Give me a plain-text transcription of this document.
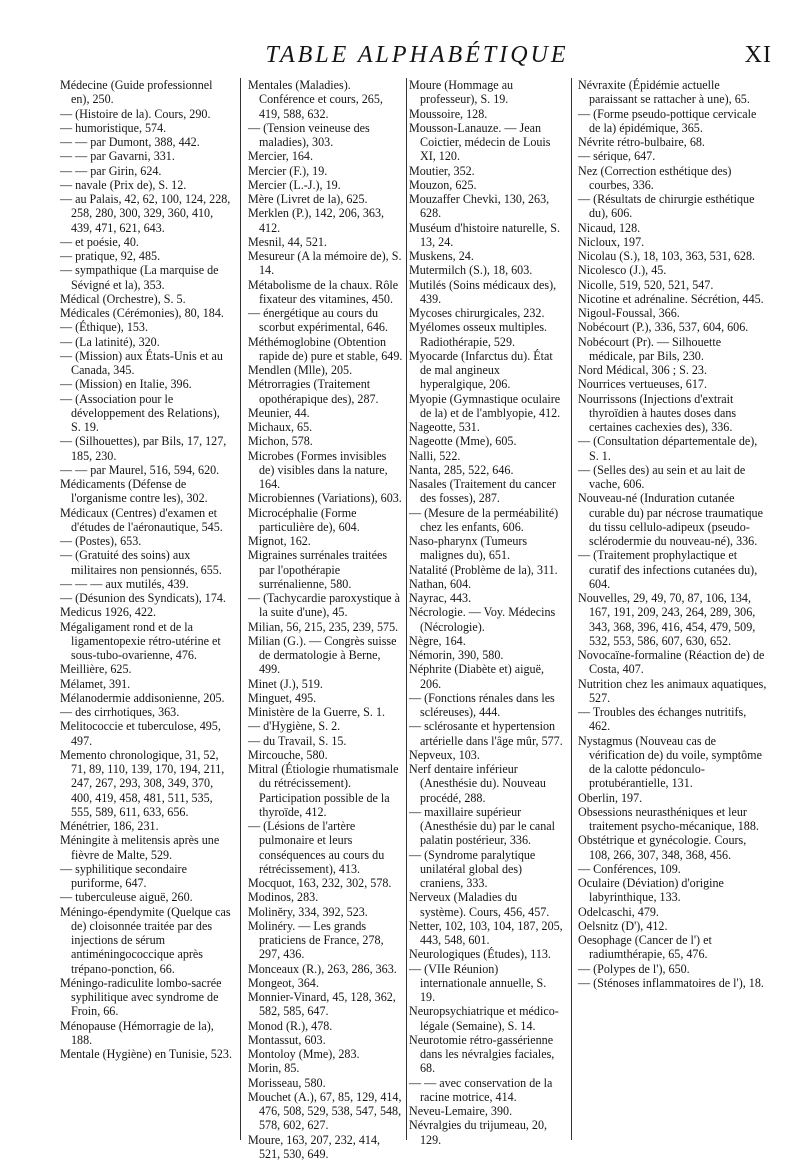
TABLE ALPHABÉTIQUE	XI

Médecine (Guide professionnel en), 250.

— (Histoire de la). Cours, 290.

— humoristique, 574.

— — par Dumont, 388, 442.

— — par Gavarni, 331.

— — par Girin, 624.

— navale (Prix de), S. 12.

— au Palais, 42, 62, 100, 124, 228, 258, 280, 300, 329, 360, 410, 439, 471, 621, 643.

— et poésie, 40.

— pratique, 92, 485.

— sympathique (La marquise de Sévigné et la), 353.

Médical (Orchestre), S. 5.

Médicales (Cérémonies), 80, 184.

— (Éthique), 153.

— (La latinité), 320.

— (Mission) aux États-Unis et au Canada, 345.

— (Mission) en Italie, 396.

— (Association pour le développement des Relations), S. 19.

— (Silhouettes), par Bils, 17, 127, 185, 230.

— — par Maurel, 516, 594, 620.

Médicaments (Défense de l'organisme contre les), 302.

Médicaux (Centres) d'examen et d'études de l'aéronautique, 545.

— (Postes), 653.

— (Gratuité des soins) aux militaires non pensionnés, 655.

— — — aux mutilés, 439.

— (Désunion des Syndicats), 174.

Medicus 1926, 422.

Mégaligament rond et de la ligamentopexie rétro-utérine et sous-tubo-ovarienne, 476.

Meillière, 625.

Mélamet, 391.

Mélanodermie addisonienne, 205.

— des cirrhotiques, 363.

Melitococcie et tuberculose, 495, 497.

Memento chronologique, 31, 52, 71, 89, 110, 139, 170, 194, 211, 247, 267, 293, 308, 349, 370, 400, 419, 458, 481, 511, 535, 555, 589, 611, 633, 656.

Ménétrier, 186, 231.

Méningite à melitensis après une fièvre de Malte, 529.

— syphilitique secondaire puriforme, 647.

— tuberculeuse aiguë, 260.

Méningo-épendymite (Quelque cas de) cloisonnée traitée par des injections de sérum antiméningococcique après trépano-ponction, 66.

Méningo-radiculite lombo-sacrée syphilitique avec syndrome de Froin, 66.

Ménopause (Hémorragie de la), 188.

Mentale (Hygiène) en Tunisie, 523.

Mentales (Maladies). Conférence et cours, 265, 419, 588, 632.

— (Tension veineuse des maladies), 303.

Mercier, 164.

Mercier (F.), 19.

Mercier (L.-J.), 19.

Mère (Livret de la), 625.

Merklen (P.), 142, 206, 363, 412.

Mesnil, 44, 521.

Mesureur (A la mémoire de), S. 14.

Métabolisme de la chaux. Rôle fixateur des vitamines, 450.

— énergétique au cours du scorbut expérimental, 646.

Méthémoglobine (Obtention rapide de) pure et stable, 649.

Mendlen (Mlle), 205.

Métrorragies (Traitement opothérapique des), 287.

Meunier, 44.

Michaux, 65.

Michon, 578.

Microbes (Formes invisibles de) visibles dans la nature, 164.

Microbiennes (Variations), 603.

Microcéphalie (Forme particulière de), 604.

Mignot, 162.

Migraines surrénales traitées par l'opothérapie surrénalienne, 580.

— (Tachycardie paroxystique à la suite d'une), 45.

Milian, 56, 215, 235, 239, 575.

Milian (G.). — Congrès suisse de dermatologie à Berne, 499.

Minet (J.), 519.

Minguet, 495.

Ministère de la Guerre, S. 1.

— d'Hygiène, S. 2.

— du Travail, S. 15.

Mircouche, 580.

Mitral (Étiologie rhumatismale du rétrécissement). Participation possible de la thyroïde, 412.

— (Lésions de l'artère pulmonaire et leurs conséquences au cours du rétrécissement), 413.

Mocquot, 163, 232, 302, 578.

Modinos, 283.

Moliněry, 334, 392, 523.

Molinéry. — Les grands praticiens de France, 278, 297, 436.

Monceaux (R.), 263, 286, 363.

Mongeot, 364.

Monnier-Vinard, 45, 128, 362, 582, 585, 647.

Monod (R.), 478.

Montassut, 603.

Montoloy (Mme), 283.

Morin, 85.

Morisseau, 580.

Mouchet (A.), 67, 85, 129, 414, 476, 508, 529, 538, 547, 548, 578, 602, 627.

Moure, 163, 207, 232, 414, 521, 530, 649.

Moure (Hommage au professeur), S. 19.

Moussoire, 128.

Mousson-Lanauze. — Jean Coictier, médecin de Louis XI, 120.

Moutier, 352.

Mouzon, 625.

Mouzaffer Chevki, 130, 263, 628.

Muséum d'histoire naturelle, S. 13, 24.

Muskens, 24.

Mutermilch (S.), 18, 603.

Mutilés (Soins médicaux des), 439.

Mycoses chirurgicales, 232.

Myélomes osseux multiples. Radiothérapie, 529.

Myocarde (Infarctus du). État de mal angineux hyperalgique, 206.

Myopie (Gymnastique oculaire de la) et de l'amblyopie, 412.

Nageotte, 531.

Nageotte (Mme), 605.

Nalli, 522.

Nanta, 285, 522, 646.

Nasales (Traitement du cancer des fosses), 287.

— (Mesure de la perméabilité) chez les enfants, 606.

Naso-pharynx (Tumeurs malignes du), 651.

Natalité (Problème de la), 311.

Nathan, 604.

Nayrac, 443.

Nécrologie. — Voy. Médecins (Nécrologie).

Nègre, 164.

Némorin, 390, 580.

Néphrite (Diabète et) aiguë, 206.

— (Fonctions rénales dans les scléreuses), 444.

— sclérosante et hypertension artérielle dans l'âge mûr, 577.

Nepveux, 103.

Nerf dentaire inférieur (Anesthésie du). Nouveau procédé, 288.

— maxillaire supérieur (Anesthésie du) par le canal palatin postérieur, 336.

— (Syndrome paralytique unilatéral global des) craniens, 333.

Nerveux (Maladies du système). Cours, 456, 457.

Netter, 102, 103, 104, 187, 205, 443, 548, 601.

Neurologiques (Études), 113.

— (VIIe Réunion) internationale annuelle, S. 19.

Neuropsychiatrique et médico-légale (Semaine), S. 14.

Neurotomie rétro-gassérienne dans les névralgies faciales, 68.

— — avec conservation de la racine motrice, 414.

Neveu-Lemaire, 390.

Névralgies du trijumeau, 20, 129.

Névraxite (Épidémie actuelle paraissant se rattacher à une), 65.

— (Forme pseudo-pottique cervicale de la) épidémique, 365.

Névrite rétro-bulbaire, 68.

— sérique, 647.

Nez (Correction esthétique des) courbes, 336.

— (Résultats de chirurgie esthétique du), 606.

Nicaud, 128.

Nicloux, 197.

Nicolau (S.), 18, 103, 363, 531, 628.

Nicolesco (J.), 45.

Nicolle, 519, 520, 521, 547.

Nicotine et adrénaline. Sécrétion, 445.

Nigoul-Foussal, 366.

Nobécourt (P.), 336, 537, 604, 606.

Nobécourt (Pr). — Silhouette médicale, par Bils, 230.

Nord Médical, 306 ; S. 23.

Nourrices vertueuses, 617.

Nourrissons (Injections d'extrait thyroïdien à hautes doses dans certaines cachexies des), 336.

— (Consultation départementale de), S. 1.

— (Selles des) au sein et au lait de vache, 606.

Nouveau-né (Induration cutanée curable du) par nécrose traumatique du tissu cellulo-adipeux (pseudo-sclérodermie du nouveau-né), 336.

— (Traitement prophylactique et curatif des infections cutanées du), 604.

Nouvelles, 29, 49, 70, 87, 106, 134, 167, 191, 209, 243, 264, 289, 306, 343, 368, 396, 416, 454, 479, 509, 532, 553, 586, 607, 630, 652.

Novocaïne-formaline (Réaction de) de Costa, 407.

Nutrition chez les animaux aquatiques, 527.

— Troubles des échanges nutritifs, 462.

Nystagmus (Nouveau cas de vérification de) du voile, symptôme de la calotte pédonculo-protubérantielle, 131.

Oberlin, 197.

Obsessions neurasthéniques et leur traitement psycho-mécanique, 188.

Obstétrique et gynécologie. Cours, 108, 266, 307, 348, 368, 456.

— Conférences, 109.

Oculaire (Déviation) d'origine labyrinthique, 133.

Odelcaschi, 479.

Oelsnitz (D'), 412.

Oesophage (Cancer de l') et radiumthérapie, 65, 476.

— (Polypes de l'), 650.

— (Sténoses inflammatoires de l'), 18.
